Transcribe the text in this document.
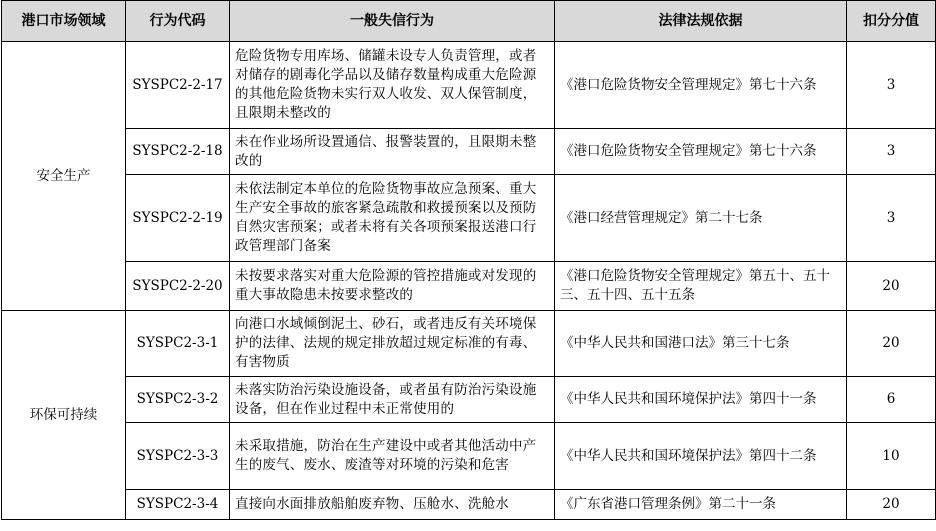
港口市场领域	行为代码	一般失信行为	法律法规依据	扣分分值
安全生产	SYSPC2-2-17	危险货物专用库场、储罐未设专人负责管理，或者对储存的剧毒化学品以及储存数量构成重大危险源的其他危险货物未实行双人收发、双人保管制度，且限期未整改的	《港口危险货物安全管理规定》第七十六条	3
	SYSPC2-2-18	未在作业场所设置通信、报警装置的，且限期未整改的	《港口危险货物安全管理规定》第七十六条	3
	SYSPC2-2-19	未依法制定本单位的危险货物事故应急预案、重大生产安全事故的旅客紧急疏散和救援预案以及预防自然灾害预案；或者未将有关各项预案报送港口行政管理部门备案	《港口经营管理规定》第二十七条	3
	SYSPC2-2-20	未按要求落实对重大危险源的管控措施或对发现的重大事故隐患未按要求整改的	《港口危险货物安全管理规定》第五十、五十三、五十四、五十五条	20
环保可持续	SYSPC2-3-1	向港口水域倾倒泥土、砂石，或者违反有关环境保护的法律、法规的规定排放超过规定标准的有毒、有害物质	《中华人民共和国港口法》第三十七条	20
	SYSPC2-3-2	未落实防治污染设施设备，或者虽有防治污染设施设备，但在作业过程中未正常使用的	《中华人民共和国环境保护法》第四十一条	6
	SYSPC2-3-3	未采取措施，防治在生产建设中或者其他活动中产生的废气、废水、废渣等对环境的污染和危害	《中华人民共和国环境保护法》第四十二条	10
	SYSPC2-3-4	直接向水面排放船舶废弃物、压舱水、洗舱水	《广东省港口管理条例》第二十一条	20
